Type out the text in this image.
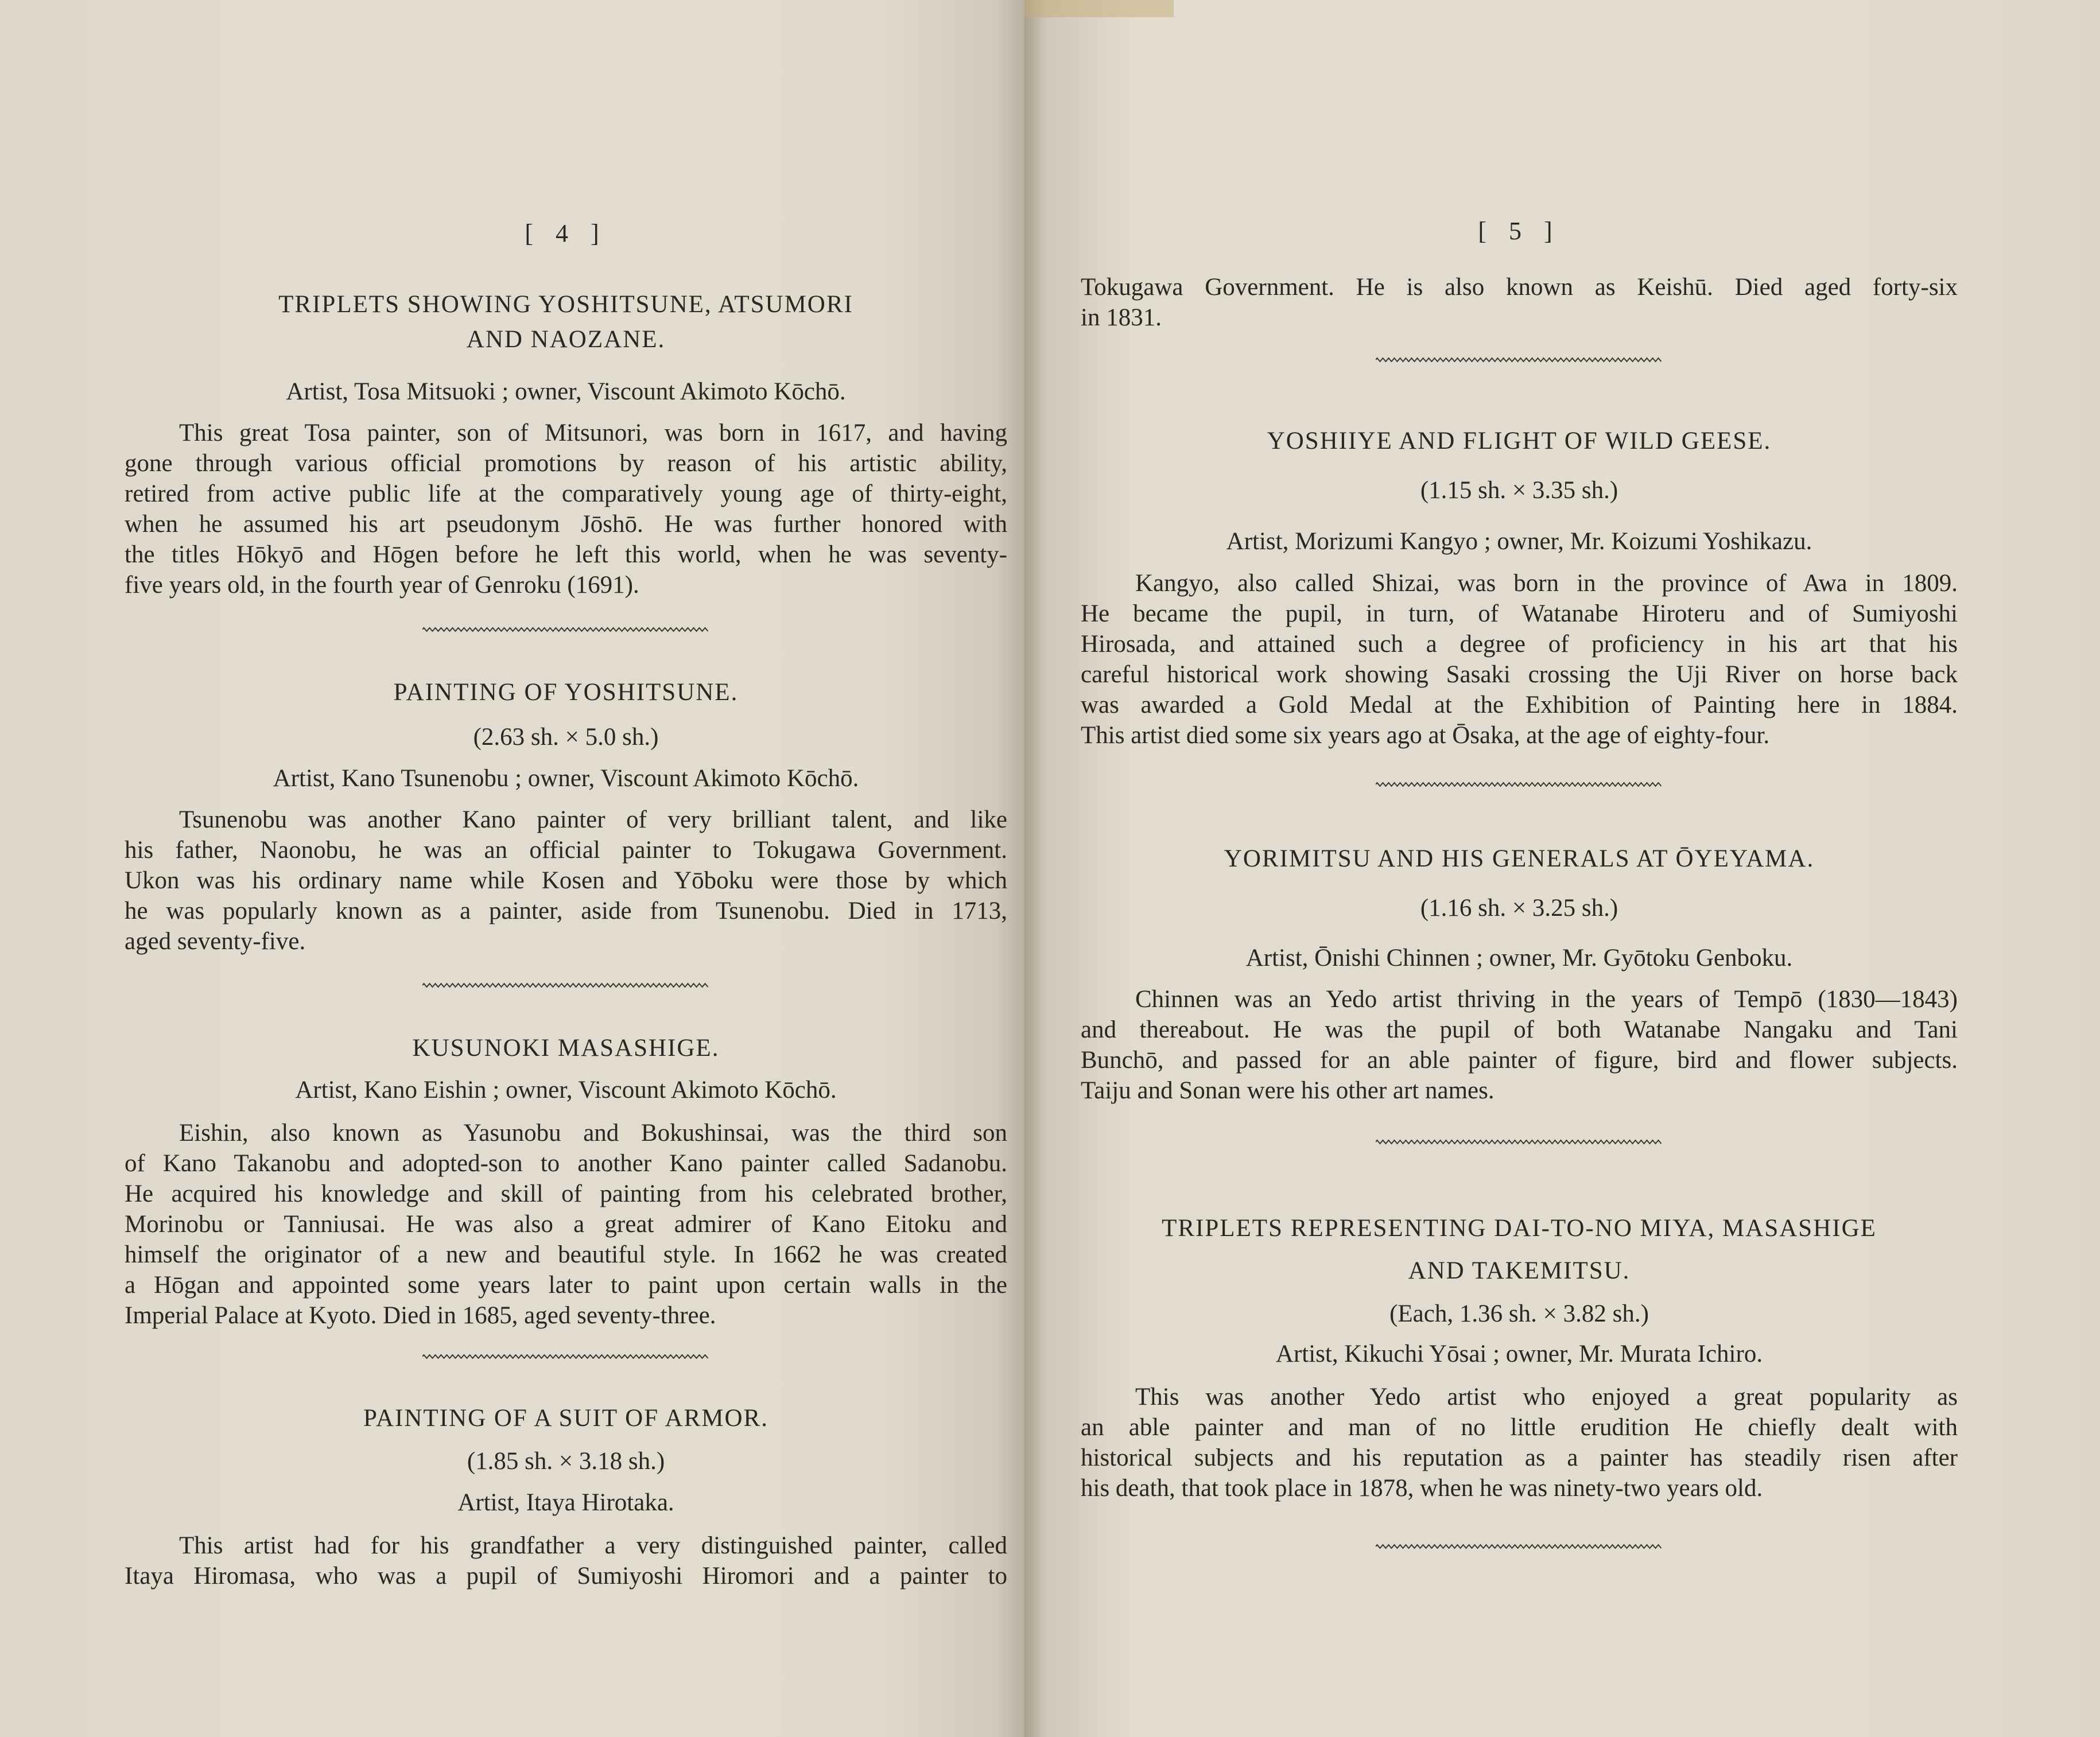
[ 4 ]
TRIPLETS SHOWING YOSHITSUNE, ATSUMORI
AND NAOZANE.
Artist, Tosa Mitsuoki ; owner, Viscount Akimoto Kōchō.
This great Tosa painter, son of Mitsunori, was born in 1617, and having
gone through various official promotions by reason of his artistic ability,
retired from active public life at the comparatively young age of thirty-eight,
when he assumed his art pseudonym Jōshō. He was further honored with
the titles Hōkyō and Hōgen before he left this world, when he was seventy-
five years old, in the fourth year of Genroku (1691).
PAINTING OF YOSHITSUNE.
(2.63 sh. × 5.0 sh.)
Artist, Kano Tsunenobu ; owner, Viscount Akimoto Kōchō.
Tsunenobu was another Kano painter of very brilliant talent, and like
his father, Naonobu, he was an official painter to Tokugawa Government.
Ukon was his ordinary name while Kosen and Yōboku were those by which
he was popularly known as a painter, aside from Tsunenobu. Died in 1713,
aged seventy-five.
KUSUNOKI MASASHIGE.
Artist, Kano Eishin ; owner, Viscount Akimoto Kōchō.
Eishin, also known as Yasunobu and Bokushinsai, was the third son
of Kano Takanobu and adopted-son to another Kano painter called Sadanobu.
He acquired his knowledge and skill of painting from his celebrated brother,
Morinobu or Tanniusai. He was also a great admirer of Kano Eitoku and
himself the originator of a new and beautiful style. In 1662 he was created
a Hōgan and appointed some years later to paint upon certain walls in the
Imperial Palace at Kyoto. Died in 1685, aged seventy-three.
PAINTING OF A SUIT OF ARMOR.
(1.85 sh. × 3.18 sh.)
Artist, Itaya Hirotaka.
This artist had for his grandfather a very distinguished painter, called
Itaya Hiromasa, who was a pupil of Sumiyoshi Hiromori and a painter to
[ 5 ]
Tokugawa Government. He is also known as Keishū. Died aged forty-six
in 1831.
YOSHIIYE AND FLIGHT OF WILD GEESE.
(1.15 sh. × 3.35 sh.)
Artist, Morizumi Kangyo ; owner, Mr. Koizumi Yoshikazu.
Kangyo, also called Shizai, was born in the province of Awa in 1809.
He became the pupil, in turn, of Watanabe Hiroteru and of Sumiyoshi
Hirosada, and attained such a degree of proficiency in his art that his
careful historical work showing Sasaki crossing the Uji River on horse back
was awarded a Gold Medal at the Exhibition of Painting here in 1884.
This artist died some six years ago at Ōsaka, at the age of eighty-four.
YORIMITSU AND HIS GENERALS AT ŌYEYAMA.
(1.16 sh. × 3.25 sh.)
Artist, Ōnishi Chinnen ; owner, Mr. Gyōtoku Genboku.
Chinnen was an Yedo artist thriving in the years of Tempō (1830—1843)
and thereabout. He was the pupil of both Watanabe Nangaku and Tani
Bunchō, and passed for an able painter of figure, bird and flower subjects.
Taiju and Sonan were his other art names.
TRIPLETS REPRESENTING DAI-TO-NO MIYA, MASASHIGE
AND TAKEMITSU.
(Each, 1.36 sh. × 3.82 sh.)
Artist, Kikuchi Yōsai ; owner, Mr. Murata Ichiro.
This was another Yedo artist who enjoyed a great popularity as
an able painter and man of no little erudition He chiefly dealt with
historical subjects and his reputation as a painter has steadily risen after
his death, that took place in 1878, when he was ninety-two years old.
